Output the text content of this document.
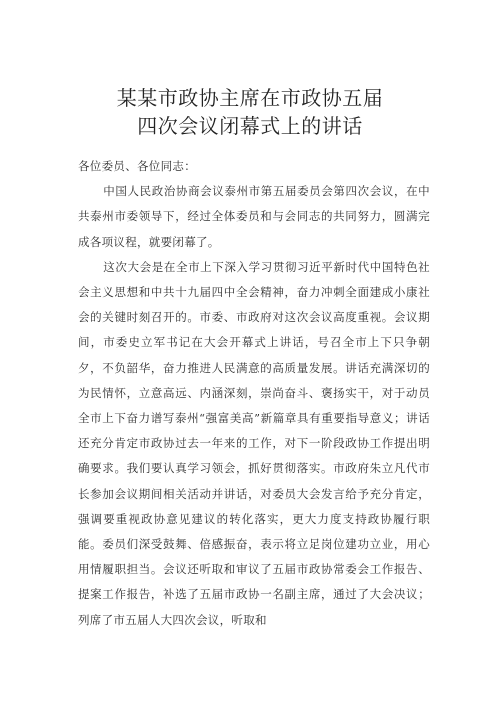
某某市政协主席在市政协五届
四次会议闭幕式上的讲话

各位委员、各位同志：

中国人民政治协商会议泰州市第五届委员会第四次会议，在中共泰州市委领导下，经过全体委员和与会同志的共同努力，圆满完成各项议程，就要闭幕了。

这次大会是在全市上下深入学习贯彻习近平新时代中国特色社会主义思想和中共十九届四中全会精神，奋力冲刺全面建成小康社会的关键时刻召开的。市委、市政府对这次会议高度重视。会议期间，市委史立军书记在大会开幕式上讲话，号召全市上下只争朝夕，不负韶华，奋力推进人民满意的高质量发展。讲话充满深切的为民情怀，立意高远、内涵深刻，崇尚奋斗、褒扬实干，对于动员全市上下奋力谱写泰州“强富美高”新篇章具有重要指导意义；讲话还充分肯定市政协过去一年来的工作，对下一阶段政协工作提出明确要求。我们要认真学习领会，抓好贯彻落实。市政府朱立凡代市长参加会议期间相关活动并讲话，对委员大会发言给予充分肯定，强调要重视政协意见建议的转化落实，更大力度支持政协履行职能。委员们深受鼓舞、倍感振奋，表示将立足岗位建功立业，用心用情履职担当。会议还听取和审议了五届市政协常委会工作报告、提案工作报告，补选了五届市政协一名副主席，通过了大会决议；列席了市五届人大四次会议，听取和
